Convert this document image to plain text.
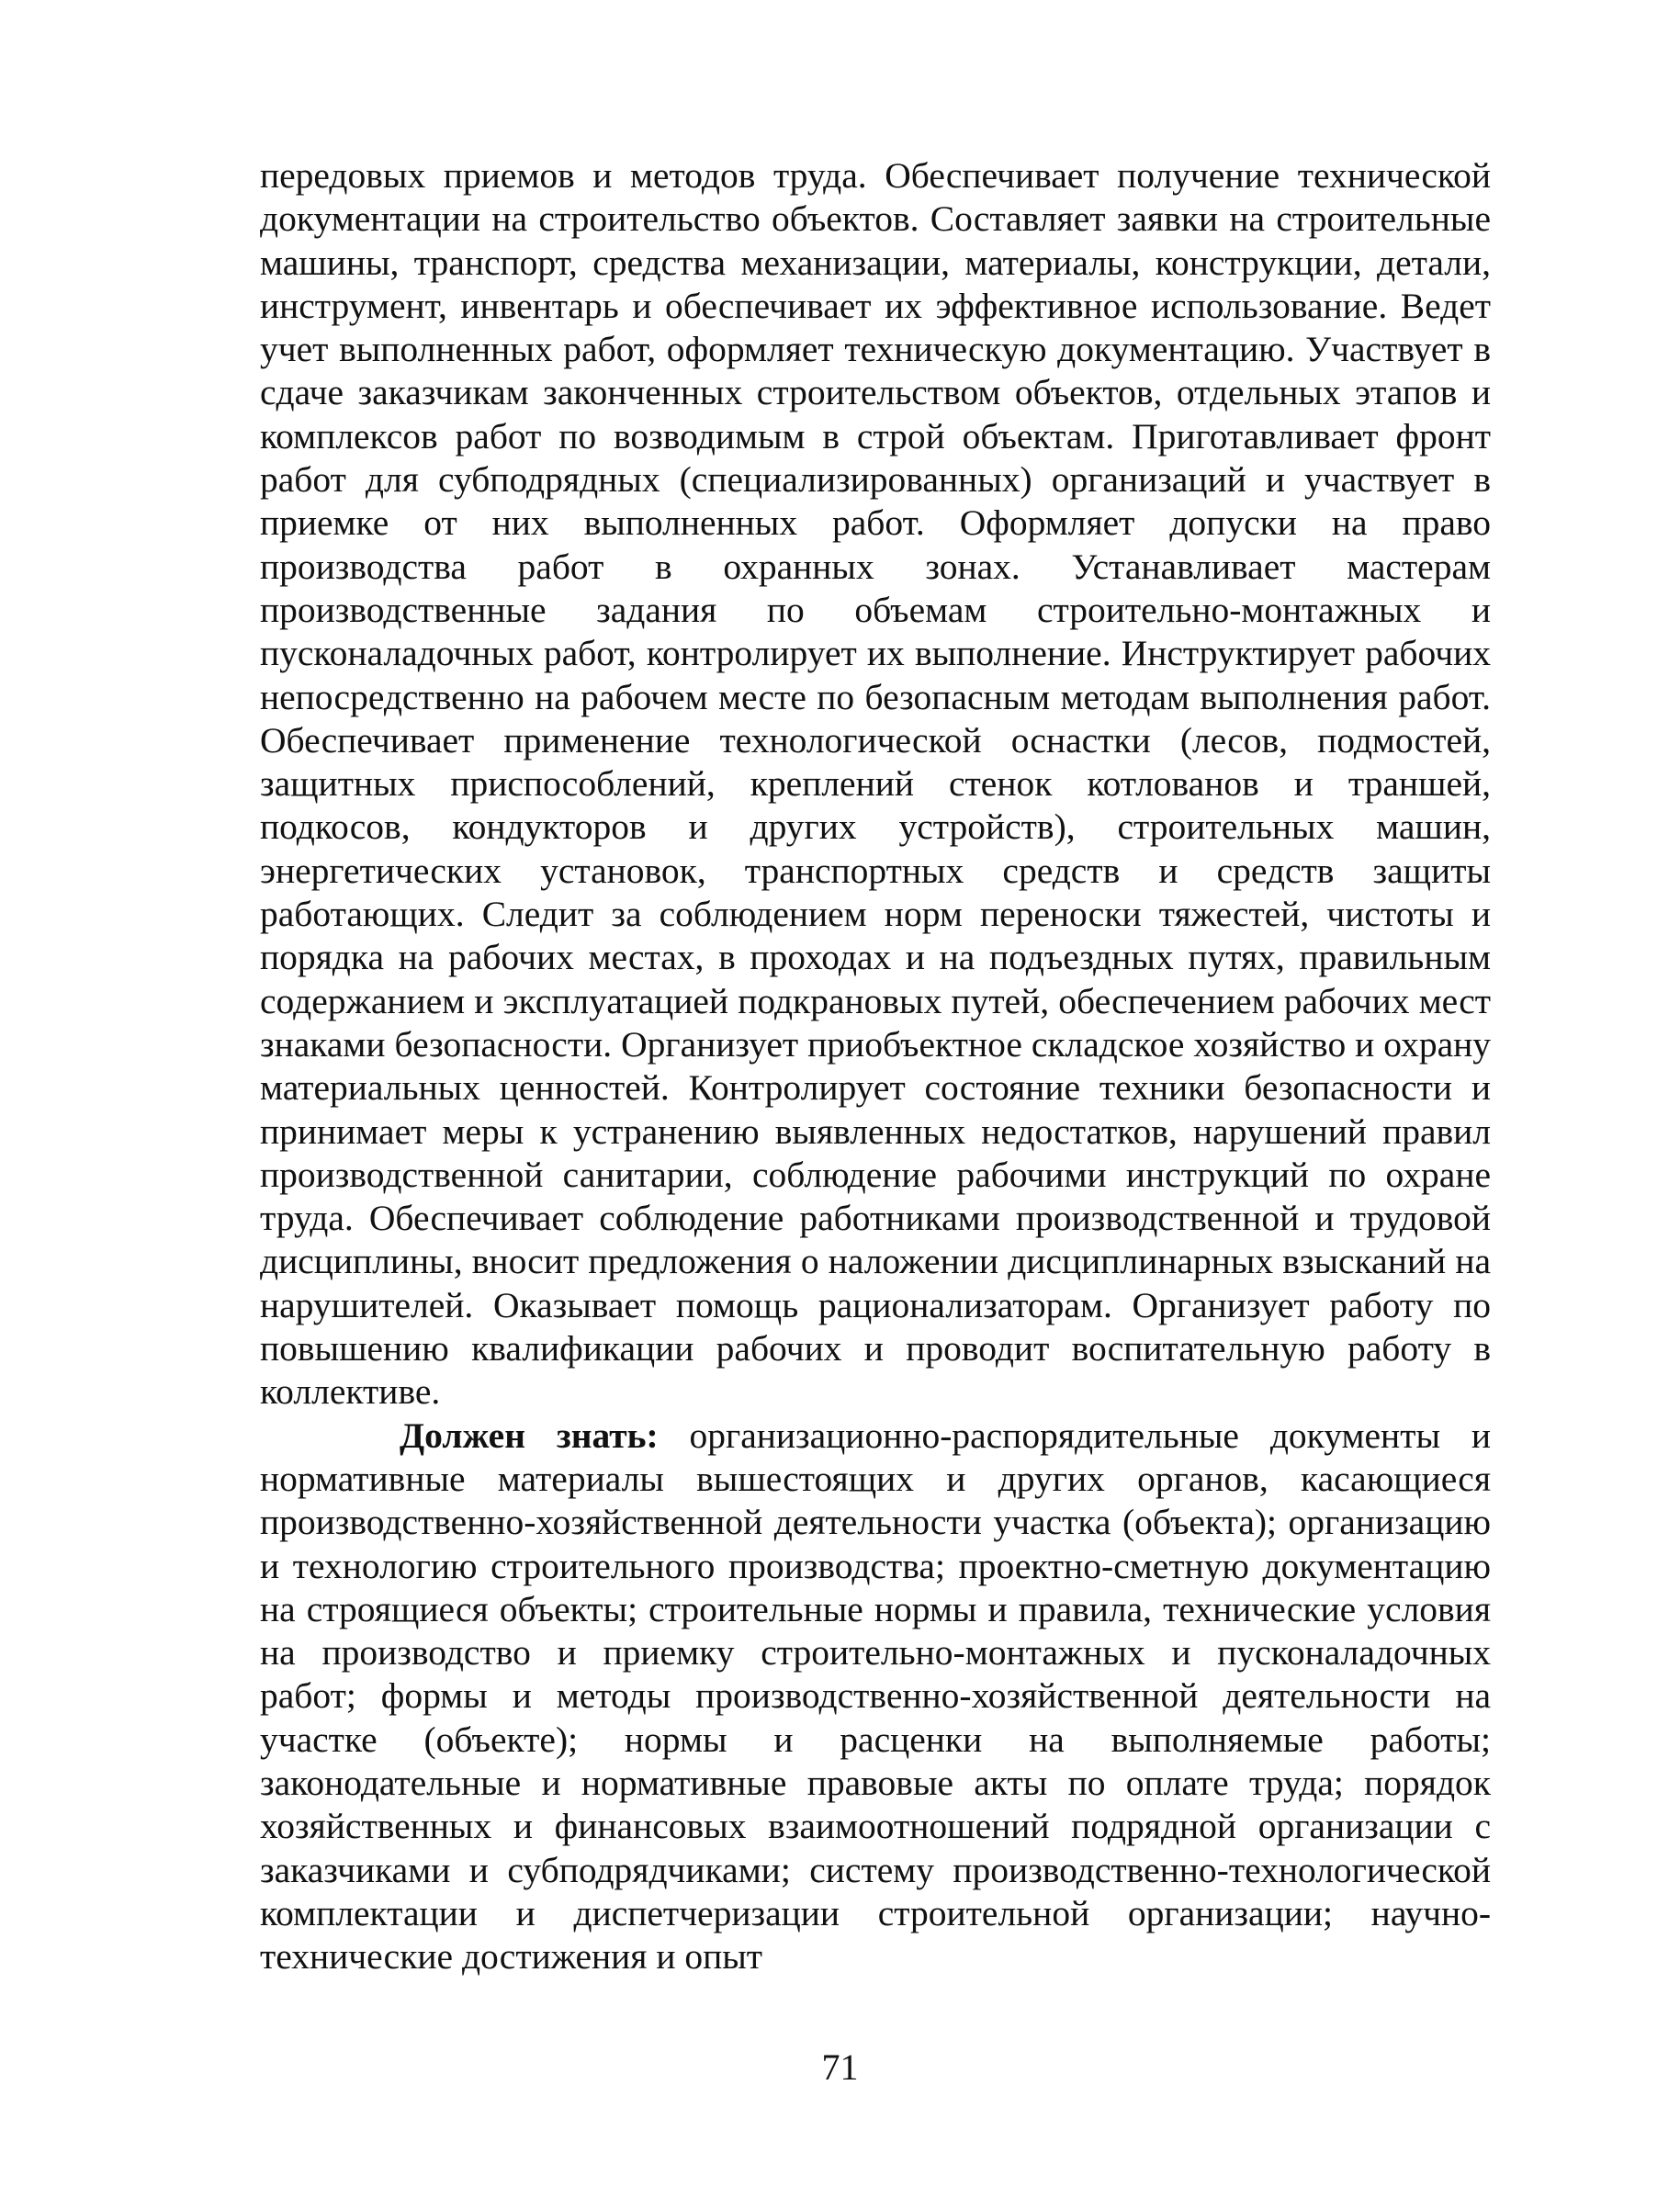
передовых приемов и методов труда. Обеспечивает получение технической документации на строительство объектов. Составляет заявки на строительные машины, транспорт, средства механизации, материалы, конструкции, детали, инструмент, инвентарь и обеспечивает их эффективное использование. Ведет учет выполненных работ, оформляет техническую документацию. Участвует в сдаче заказчикам законченных строительством объектов, отдельных этапов и комплексов работ по возводимым в строй объектам. Приготавливает фронт работ для субподрядных (специализированных) организаций и участвует в приемке от них выполненных работ. Оформляет допуски на право производства работ в охранных зонах. Устанавливает мастерам производственные задания по объемам строительно-монтажных и пусконаладочных работ, контролирует их выполнение. Инструктирует рабочих непосредственно на рабочем месте по безопасным методам выполнения работ. Обеспечивает применение технологической оснастки (лесов, подмостей, защитных приспособлений, креплений стенок котлованов и траншей, подкосов, кондукторов и других устройств), строительных машин, энергетических установок, транспортных средств и средств защиты работающих. Следит за соблюдением норм переноски тяжестей, чистоты и порядка на рабочих местах, в проходах и на подъездных путях, правильным содержанием и эксплуатацией подкрановых путей, обеспечением рабочих мест знаками безопасности. Организует приобъектное складское хозяйство и охрану материальных ценностей. Контролирует состояние техники безопасности и принимает меры к устранению выявленных недостатков, нарушений правил производственной санитарии, соблюдение рабочими инструкций по охране труда. Обеспечивает соблюдение работниками производственной и трудовой дисциплины, вносит предложения о наложении дисциплинарных взысканий на нарушителей. Оказывает помощь рационализаторам. Организует работу по повышению квалификации рабочих и проводит воспитательную работу в коллективе.

Должен знать: организационно-распорядительные документы и нормативные материалы вышестоящих и других органов, касающиеся производственно-хозяйственной деятельности участка (объекта); организацию и технологию строительного производства; проектно-сметную документацию на строящиеся объекты; строительные нормы и правила, технические условия на производство и приемку строительно-монтажных и пусконаладочных работ; формы и методы производственно-хозяйственной деятельности на участке (объекте); нормы и расценки на выполняемые работы; законодательные и нормативные правовые акты по оплате труда; порядок хозяйственных и финансовых взаимоотношений подрядной организации с заказчиками и субподрядчиками; систему производственно-технологической комплектации и диспетчеризации строительной организации; научно-технические достижения и опыт

71
